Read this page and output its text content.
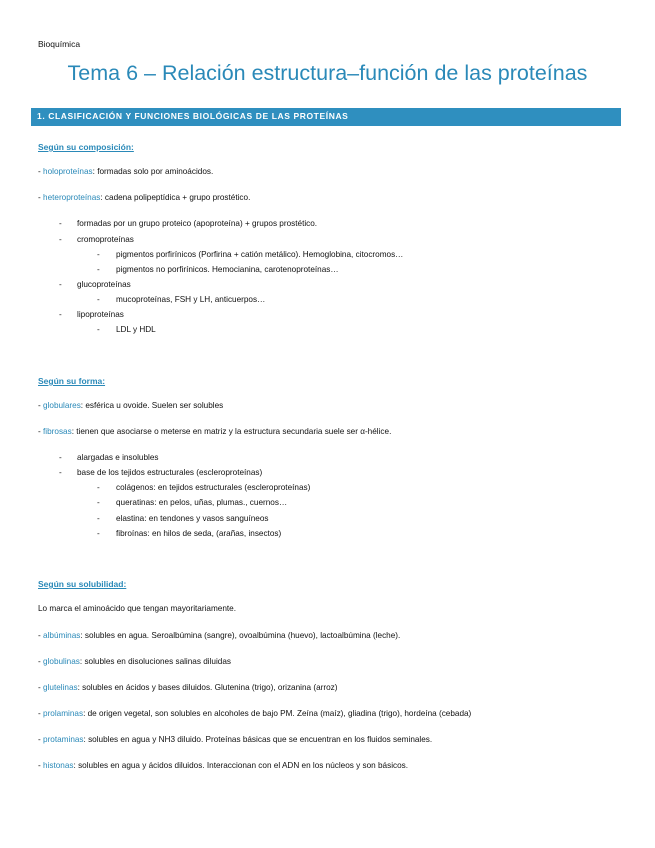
Bioquímica
Tema 6 – Relación estructura–función de las proteínas
1. CLASIFICACIÓN Y FUNCIONES BIOLÓGICAS DE LAS PROTEÍNAS
Según su composición:
- holoproteínas: formadas solo por aminoácidos.
- heteroproteínas: cadena polipeptídica + grupo prostético.
- formadas por un grupo proteico (apoproteína) + grupos prostético.
- cromoproteínas
- pigmentos porfirínicos (Porfirina + catión metálico). Hemoglobina, citocromos…
- pigmentos no porfirínicos. Hemocianina, carotenoproteínas…
- glucoproteínas
- mucoproteínas, FSH y LH, anticuerpos…
- lipoproteínas
- LDL y HDL
Según su forma:
- globulares: esférica u ovoide. Suelen ser solubles
- fibrosas: tienen que asociarse o meterse en matriz y la estructura secundaria suele ser α-hélice.
- alargadas e insolubles
- base de los tejidos estructurales (escleroproteínas)
- colágenos: en tejidos estructurales (escleroproteínas)
- queratinas: en pelos, uñas, plumas., cuernos…
- elastina: en tendones y vasos sanguíneos
- fibroínas: en hilos de seda, (arañas, insectos)
Según su solubilidad:
Lo marca el aminoácido que tengan mayoritariamente.
- albúminas: solubles en agua. Seroalbúmina (sangre), ovoalbúmina (huevo), lactoalbúmina (leche).
- globulinas: solubles en disoluciones salinas diluidas
- glutelinas: solubles en ácidos y bases diluidos. Glutenina (trigo), orizanina (arroz)
- prolaminas: de origen vegetal, son solubles en alcoholes de bajo PM. Zeína (maíz), gliadina (trigo), hordeína (cebada)
- protaminas: solubles en agua y NH3 diluido. Proteínas básicas que se encuentran en los fluidos seminales.
- histonas: solubles en agua y ácidos diluidos. Interaccionan con el ADN en los núcleos y son básicos.
